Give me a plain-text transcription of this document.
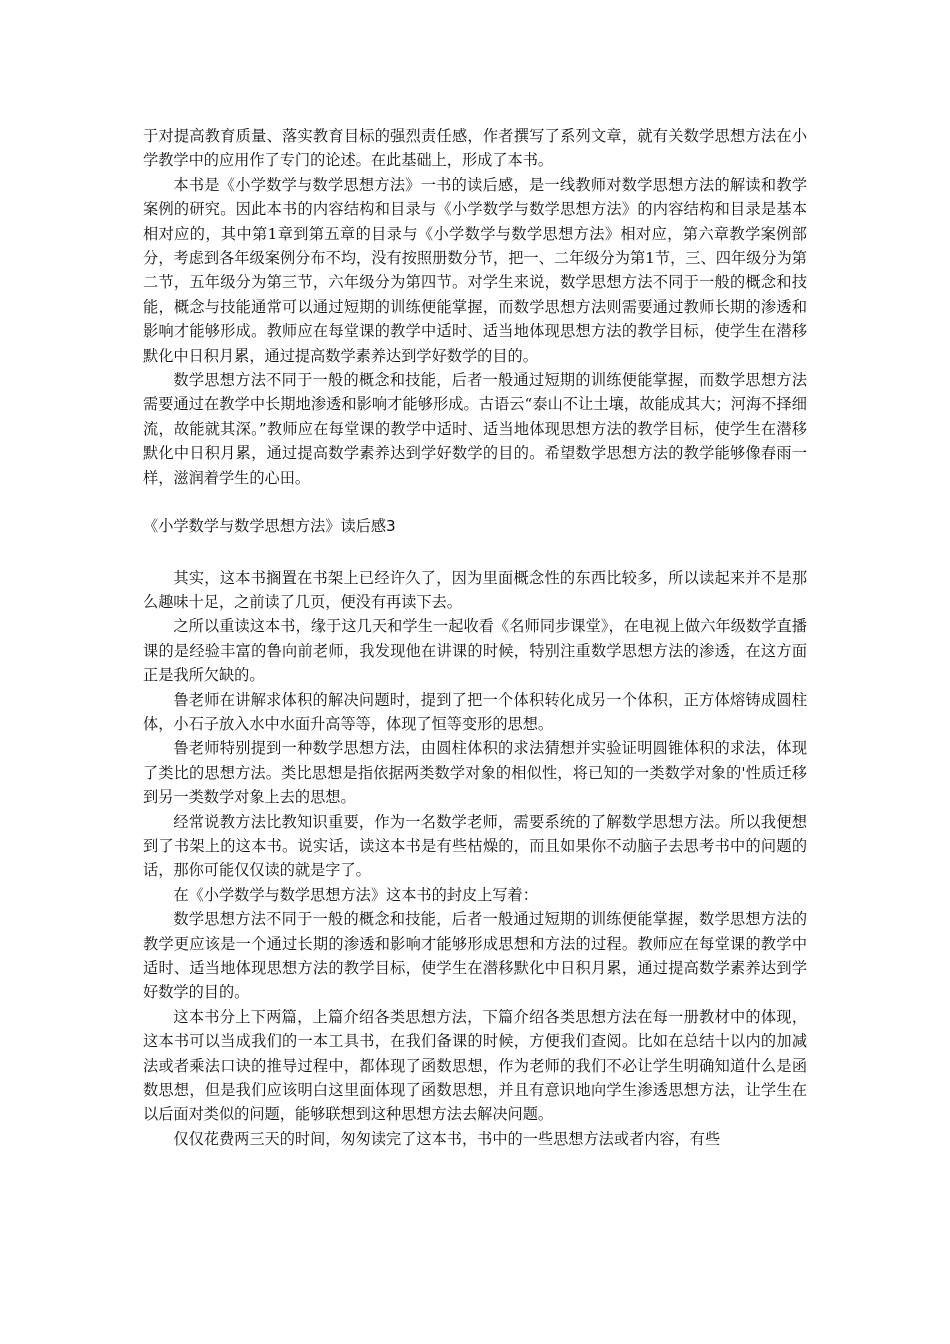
于对提高教育质量、落实教育目标的强烈责任感，作者撰写了系列文章，就有关数学思想方法在小学教学中的应用作了专门的论述。在此基础上，形成了本书。

本书是《小学数学与数学思想方法》一书的读后感，是一线教师对数学思想方法的解读和教学案例的研究。因此本书的内容结构和目录与《小学数学与数学思想方法》的内容结构和目录是基本相对应的，其中第1章到第五章的目录与《小学数学与数学思想方法》相对应，第六章教学案例部分，考虑到各年级案例分布不均，没有按照册数分节，把一、二年级分为第1节，三、四年级分为第二节，五年级分为第三节，六年级分为第四节。对学生来说，数学思想方法不同于一般的概念和技能，概念与技能通常可以通过短期的训练便能掌握，而数学思想方法则需要通过教师长期的渗透和影响才能够形成。教师应在每堂课的教学中适时、适当地体现思想方法的教学目标，使学生在潜移默化中日积月累，通过提高数学素养达到学好数学的目的。

数学思想方法不同于一般的概念和技能，后者一般通过短期的训练便能掌握，而数学思想方法需要通过在教学中长期地渗透和影响才能够形成。古语云“泰山不让土壤，故能成其大；河海不择细流，故能就其深。”教师应在每堂课的教学中适时、适当地体现思想方法的教学目标，使学生在潜移默化中日积月累，通过提高数学素养达到学好数学的目的。希望数学思想方法的教学能够像春雨一样，滋润着学生的心田。

《小学数学与数学思想方法》读后感3

其实，这本书搁置在书架上已经许久了，因为里面概念性的东西比较多，所以读起来并不是那么趣味十足，之前读了几页，便没有再读下去。

之所以重读这本书，缘于这几天和学生一起收看《名师同步课堂》，在电视上做六年级数学直播课的是经验丰富的鲁向前老师，我发现他在讲课的时候，特别注重数学思想方法的渗透，在这方面正是我所欠缺的。

鲁老师在讲解求体积的解决问题时，提到了把一个体积转化成另一个体积，正方体熔铸成圆柱体，小石子放入水中水面升高等等，体现了恒等变形的思想。

鲁老师特别提到一种数学思想方法，由圆柱体积的求法猜想并实验证明圆锥体积的求法，体现了类比的思想方法。类比思想是指依据两类数学对象的相似性，将已知的一类数学对象的'性质迁移到另一类数学对象上去的思想。

经常说教方法比教知识重要，作为一名数学老师，需要系统的了解数学思想方法。所以我便想到了书架上的这本书。说实话，读这本书是有些枯燥的，而且如果你不动脑子去思考书中的问题的话，那你可能仅仅读的就是字了。

在《小学数学与数学思想方法》这本书的封皮上写着：

数学思想方法不同于一般的概念和技能，后者一般通过短期的训练便能掌握，数学思想方法的教学更应该是一个通过长期的渗透和影响才能够形成思想和方法的过程。教师应在每堂课的教学中适时、适当地体现思想方法的教学目标，使学生在潜移默化中日积月累，通过提高数学素养达到学好数学的目的。

这本书分上下两篇，上篇介绍各类思想方法，下篇介绍各类思想方法在每一册教材中的体现，这本书可以当成我们的一本工具书，在我们备课的时候，方便我们查阅。比如在总结十以内的加减法或者乘法口诀的推导过程中，都体现了函数思想，作为老师的我们不必让学生明确知道什么是函数思想，但是我们应该明白这里面体现了函数思想，并且有意识地向学生渗透思想方法，让学生在以后面对类似的问题，能够联想到这种思想方法去解决问题。

仅仅花费两三天的时间，匆匆读完了这本书，书中的一些思想方法或者内容，有些
